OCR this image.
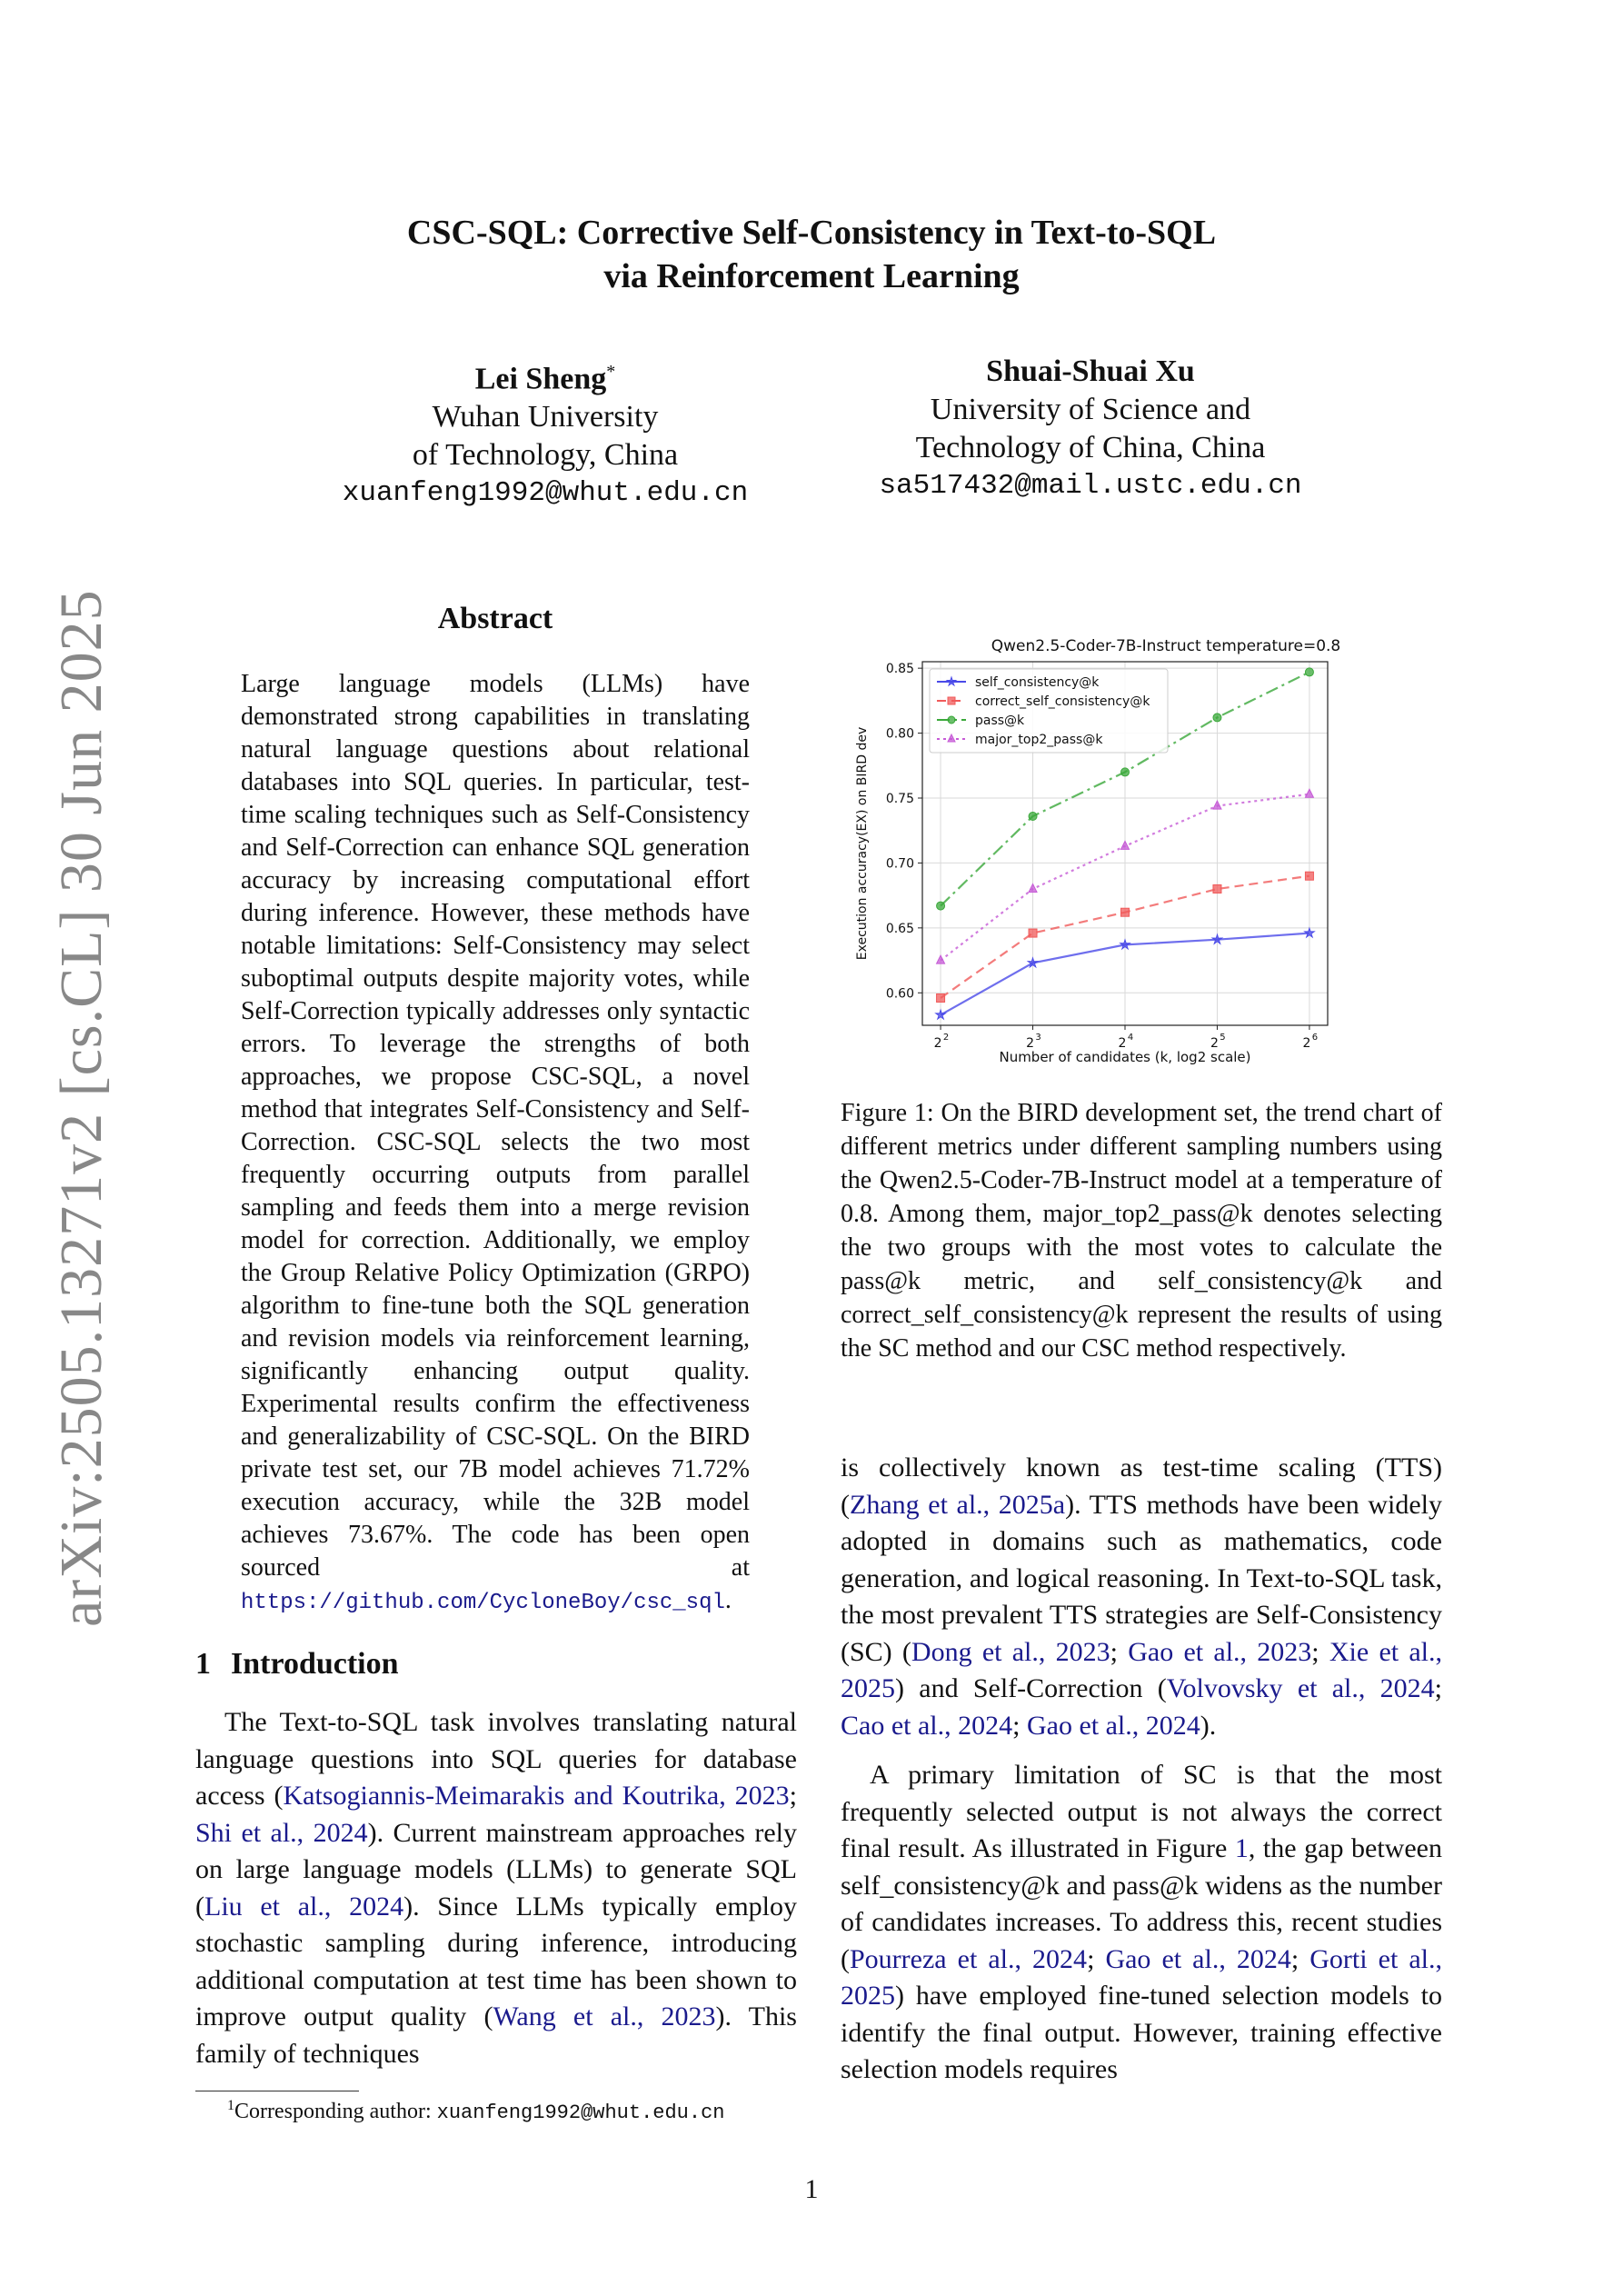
CSC-SQL: Corrective Self-Consistency in Text-to-SQL
via Reinforcement Learning
Lei Sheng*
Wuhan University
of Technology, China
xuanfeng1992@whut.edu.cn
Shuai-Shuai Xu
University of Science and
Technology of China, China
sa517432@mail.ustc.edu.cn
arXiv:2505.13271v2 [cs.CL] 30 Jun 2025	Abstract
Large language models (LLMs) have demonstrated strong capabilities in translating natural language questions about relational databases into SQL queries. In particular, test-time scaling techniques such as Self-Consistency and Self-Correction can enhance SQL generation accuracy by increasing computational effort during inference. However, these methods have notable limitations: Self-Consistency may select suboptimal outputs despite majority votes, while Self-Correction typically addresses only syntactic errors. To leverage the strengths of both approaches, we propose CSC-SQL, a novel method that integrates Self-Consistency and Self-Correction. CSC-SQL selects the two most frequently occurring outputs from parallel sampling and feeds them into a merge revision model for correction. Additionally, we employ the Group Relative Policy Optimization (GRPO) algorithm to fine-tune both the SQL generation and revision models via reinforcement learning, significantly enhancing output quality. Experimental results confirm the effectiveness and generalizability of CSC-SQL. On the BIRD private test set, our 7B model achieves 71.72% execution accuracy, while the 32B model achieves 73.67%. The code has been open sourced at https://github.com/CycloneBoy/csc_sql.
1 Introduction

The Text-to-SQL task involves translating natural language questions into SQL queries for database access (Katsogiannis-Meimarakis and Koutrika, 2023; Shi et al., 2024). Current mainstream approaches rely on large language models (LLMs) to generate SQL (Liu et al., 2024). Since LLMs typically employ stochastic sampling during inference, introducing additional computation at test time has been shown to improve output quality (Wang et al., 2023). This family of techniques

$^1$Corresponding author: xuanfeng1992@whut.edu.cn
Qwen2.5-Coder-7B-Instruct temperature=0.8
0.60
0.65
0.70
0.75
0.80
0.85
2 2	2 3	2 4	2 5	2 6
Number of candidates (k, log2 scale)
Execution accuracy(EX) on BIRD dev
self_consistency@k
correct_self_consistency@k
pass@k
major_top2_pass@k
Figure 1: On the BIRD development set, the trend chart of different metrics under different sampling numbers using the Qwen2.5-Coder-7B-Instruct model at a temperature of 0.8. Among them, major_top2_pass@k denotes selecting the two groups with the most votes to calculate the pass@k metric, and self_consistency@k and correct_self_consistency@k represent the results of using the SC method and our CSC method respectively.

is collectively known as test-time scaling (TTS) (Zhang et al., 2025a). TTS methods have been widely adopted in domains such as mathematics, code generation, and logical reasoning. In Text-to-SQL task, the most prevalent TTS strategies are Self-Consistency (SC) (Dong et al., 2023; Gao et al., 2023; Xie et al., 2025) and Self-Correction (Volvovsky et al., 2024; Cao et al., 2024; Gao et al., 2024).

A primary limitation of SC is that the most frequently selected output is not always the correct final result. As illustrated in Figure 1, the gap between self_consistency@k and pass@k widens as the number of candidates increases. To address this, recent studies (Pourreza et al., 2024; Gao et al., 2024; Gorti et al., 2025) have employed fine-tuned selection models to identify the final output. However, training effective selection models requires

1
